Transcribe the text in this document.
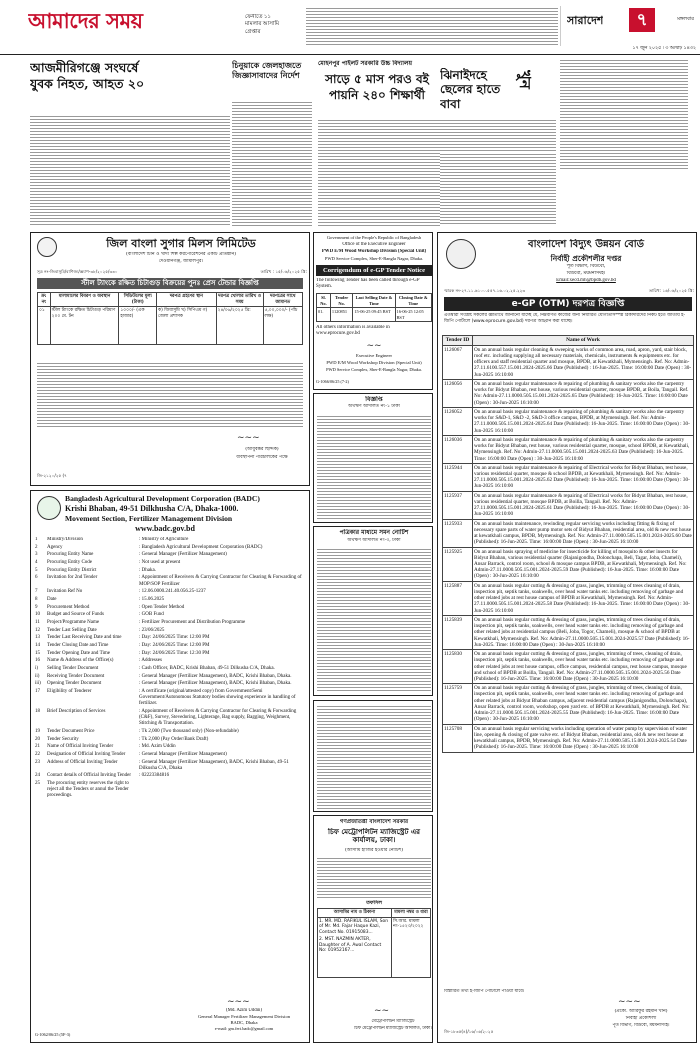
আমাদের সময়	ফেনীতে ১১
মামলার আসামি
গ্রেপ্তার
সারাদেশ	৭	মঙ্গলবার
১৭ জুন ২০২৫ ৷ ৩ আষাঢ় ১৪৩২
আজমীরিগঞ্জে সংঘর্ষে যুবক নিহত, আহত ২০
চিনুয়াকে জেলহাজতে জিজ্ঞাসাবাদের নির্দেশ
মোহনপুর পাইলট সরকারি উচ্চ বিদ্যালয়
সাড়ে ৫ মাস পরও বই পায়নি ২৪০ শিক্ষার্থী
ঝিনাইদহে ছেলের হাতে বাবা
খুন
জিল বাংলা সুগার মিলস লিমিটেড
(বাংলাদেশ চিনি ও খাদ্য শিল্প করপোরেশনের একটি প্রতিষ্ঠান)
দেওয়ানগঞ্জ, জামালপুর।
সূত্র নং-জিবাসুমি/বাণিজ্য/স্ক্র্যাপ-৩৮/২০২৫/৩৩০	তারিখ : ১৫/০৬/২০২৫ খ্রি:
স্টীল ট্যাংকে রক্ষিত চিটাগুড় বিক্রয়ের পুনঃ প্রেস টেন্ডার বিজ্ঞপ্তি
ক্র: নং	মালামালের বিবরণ ও অবস্থান	সিডিউলের মূল্য (টাকা)	দরপত্র গ্রহণের স্থান	দরপত্র খোলার তারিখ ও সময়	দরপত্রের সাথে জামানত
০১	স্টীল ট্যাংকে রক্ষিত চিটাগুড় পরিমাণ ২০০ মে. টন	১০০০/- (এক হাজার)	ক) জিবাসুমি খ) সিপিএম গ) জেলা প্রশাসক	২৪/০৬/২০২৫ খ্রি:	৫,০০,০০০/- (পাঁচ লক্ষ)
~~~
(আবুবক্কর ছিদ্দিক)
ব্যবস্থাপনা পরিচালকের পক্ষে
জি-২১২০/২৫ (৭
Government of the People's Republic of Bangladesh
Office of the Executive Engineer
PWD E/M Wood Workshop Division (Special Unit)
PWD Service Complex, Sher-E-Bangla Nagar, Dhaka.
Corrigendum of e-GP Tender Notice
The following Tender has been called through e-GP System.
Sl. No.	Tender No.	Last Selling Date & Time	Closing Date & Time
01.	1120851	15-06-25 09:45 BST	16-06-25 12:05 BST
All others information is available in www.eprocure.gov.bd
~~
Executive Engineer
PWD E/M Wood Workshop Division (Special Unit)
PWD Service Complex, Sher-E-Bangla Nagar, Dhaka.
G-1066/06/25 (7-2)
বিজ্ঞপ্তি
অর্থঋণ আদালত নং-১ ঢাকা
পত্রিকার মাধ্যমে সমন নোটিশ
অর্থঋণ আদালত নং-৩, ঢাকা
গণপ্রজাতন্ত্রী বাংলাদেশ সরকার
চিফ মেট্রোপলিটন ম্যাজিস্ট্রেট এর কার্যালয়, ঢাকা।
(আসামি হাজির হওয়ার নোটিশ)
তফসিল
আসামির নাম ও ঠিকানা	মামলা নম্বর ও ধারা

1. MR. MD. RAFIKUL ISLAM, Son of Mr. Md. Fajar Haque Kazi, Contact No. 01915083...
2. MST. NAZMIN AKTER, Daughter of A. Awal Contact No: 01952167...	সি.আর. মামলা নং-১৫২৩/২০২২
~~
মেট্রোপলিটন ম্যাজিস্ট্রেট
চিফ মেট্রোপলিটন ম্যাজিস্ট্রেট আদালত, ঢাকা।
Bangladesh Agricultural Development Corporation (BADC)
Krishi Bhaban, 49-51 Dilkhusha C/A, Dhaka-1000.
Movement Section, Fertilizer Management Division
www.badc.gov.bd
1	Ministry/Division	: Ministry of Agriculture
2	Agency	: Bangladesh Agricultural Development Corporation (BADC)
3	Procuring Entity Name	: General Manager (Fertilizer Management)
4	Procuring Entity Code	: Not used at present
5	Procuring Entity District	: Dhaka.
6	Invitation for 2nd Tender	: Appointment of Receivers & Carrying Contractor for Clearing & Forwarding of MOP/SOP Fertilizer
7	Invitation Ref No	: 12.06.0000.241.40.056.25-1237
8	Date	: 15.06.2025
9	Procurement Method	: Open Tender Method
10	Budget and Source of Funds	: GOB Fund
11	Project/Programme Name	: Fertilizer Procurement and Distribution Programme
12	Tender Last Selling Date	: 23/06/2025
13	Tender Last Receiving Date and time	: Day: 24/06/2025 Time: 12:00 PM
14	Tender Closing Date and Time	: Day: 24/06/2025 Time: 12:00 PM
15	Tender Opening Date and Time	: Day: 24/06/2025 Time: 12:30 PM
16	Name & Address of the Office(s)	: Addresses
i)	Selling Tender Document	: Cash Officer, BADC, Krishi Bhaban, 49-51 Dilkusha C/A, Dhaka.
ii)	Receiving Tender Document	: General Manager (Fertilizer Management), BADC, Krishi Bhaban, Dhaka.
iii)	Opening Tender Document	: General Manager (Fertilizer Management), BADC, Krishi Bhaban, Dhaka.
17	Eligibility of Tenderer	: A certificate (original/attested copy) from Government/Semi Government/Autonomous Statutory bodies showing experience in handling of fertilizer.
18	Brief Description of Services	: Appointment of Receivers & Carrying Contractor for Clearing & Forwarding (C&F), Survey, Stevedoring, Lighterage, Bag supply, Bagging, Weighment, Stitching & Transportation.
19	Tender Document Price	: Tk 2,000 (Two thousand only) (Non-refundable)
20	Tender Security	: Tk 2,000 (Pay Order/Bank Draft)
21	Name of Official Inviting Tender	: Md. Azim Uddin
22	Designation of Official Inviting Tender	: General Manager (Fertilizer Management)
23	Address of Official Inviting Tender	: General Manager (Fertilizer Management), BADC, Krishi Bhaban, 49-51 Dilkusha C/A, Dhaka
24	Contact details of Official Inviting Tender	: 02223384816
25	The procuring entity reserves the right to reject all the Tenders or annul the Tender proceedings.
~~~
(Md. Azim Uddin)
General Manager Fertilizer Management Division
BADC, Dhaka
e-mail: gm.fert.badc@gmail.com
G-1062/06/25 (5F-3)
বাংলাদেশ বিদ্যুৎ উন্নয়ন বোর্ড
নির্বাহী প্রকৌশলীর দপ্তর
পূর্ত বিভাগ, বিউবো,
বিউবো, ময়মনসিংহ।
Email:xecd.mh@bpdb.gov.bd
স্মারক নং-২৭.১১.৬১০০.৫৫৭.১৬.০২.২৫.২২৩	তারিখ: ১৬/০৬/২০২৫ খ্রি:
e-GP (OTM) দরপত্র বিজ্ঞপ্তি
এতদ্বারা সংশ্লিষ্ট সকলের জ্ঞাতার্থে জানানো যাচ্ছে যে, নিম্নবর্ণিত কাজের জন্য নির্ধারিত যোগ্যতাসম্পন্ন ঠিকাদারদের নিকট হতে জাতীয় ই-জিপি পোর্টালে (www.eprocure.gov.bd) দরপত্র আহ্বান করা যাচ্ছে।
Tender ID	Name of Work
1126067	On an annual basis regular cleaning & sweeping works of common area, road, apron, yard, stair block, roof etc. including supplying all necessary materials, chemicals, instruments & equipments etc. for officers and staff residential quarter and mosque, BPDB, at Kewatkhali, Mymensingh. Ref. No: Admin-27.11.6100.557.15.001.2024-2025.66 Date (Published) : 16-Jun-2025. Time: 16:00:00 Date (Open) : 30-Jun-2025 16:10:00
1126056	On an annual basis regular maintenance & repairing of plumbing & sanitary works also the carpentry works for Bidyut Bhaban, rest house, various residential quarter, mosque BPDB, at Boila, Tangail. Ref. No: Admin-27.11.0000.505.15.001.2024-2025.65 Date (Published): 16-Jun-2025. Time: 16:00:00 Date (Open) : 30-Jun-2025 16:10:00
1126052	On an annual basis regular maintenance & repairing of plumbing & sanitary works also the carpentry works for S&D-1, S&D -2, S&D-3 office campus, BPDB, at Mymensingh. Ref. No: Admin-27.11.0000.505.15.001.2024-2025.64 Date (Published): 16-Jun-2025. Time: 16:00:00 Date (Open) : 30-Jun-2025 16:10:00
1126036	On an annual basis regular maintenance & repairing of plumbing & sanitary works also the carpentry works for Bidyut Bhaban, rest house, various residential quarter, mosque, school BPDB, at Kewatkhali, Mymensingh. Ref. No: Admin-27.11.0000.505.15.001.2024-2025.63 Date (Published): 16-Jun-2025. Time: 16:00:00 Date (Open) : 30-Jun-2025 16:10:00
1125944	On an annual basis regular maintenance & repairing of Electrical works for Bidyut Bhaban, rest house, various residential quarter, mosque & school BPDB, at Kewatkhali, Mymensingh. Ref. No: Admin-27.11.0000.505.15.001.2024-2025.62 Date (Published): 16-Jun-2025. Time: 16:00:00 Date (Open) : 30-Jun-2025 16:10:00
1125937	On an annual basis regular maintenance & repairing of Electrical works for Bidyut Bhaban, rest house, various residential quarter, mosque BPDB, at Boilla, Tangail. Ref. No: Admin-27.11.0000.505.15.001.2024-2025.61 Date (Published): 16-Jun-2025. Time: 16:00:00 Date (Open) : 30-Jun-2025 16:10:00
1125933	On an annual basis maintenance, rewinding regular servicing works including fitting & fixing of necessary spare parts of water pump motor sets of Bidyut Bhaban, residential area, old & new rest house at kewatkhali campus, BPDB, Mymensingh. Ref. No: Admin-27.11.0000.505.15.001.2024-2025.60 Date (Published): 16-Jun-2025. Time: 16:00:00 Date (Open) : 30-Jun-2025 16:10:00
1125925	On an annual basis spraying of medicine for insecticide for killing of mosquito & other insects for Bidyut Bhaban, various residential quarter (Rajanigondha, Dolonchapa, Beli, Tagar, Joba, Chameli), Ansar Barrack, control room, school & mosque campus BPDB, at Kewatkhali, Mymensingh. Ref. No: Admin-27.11.0000.505.15.001.2024-2025.59 Date (Published): 16-Jun-2025. Time: 16:00:00 Date (Open) : 30-Jun-2025 16:10:00
1125887	On an annual basis regular cutting & dressing of grass, jungles, trimming of trees cleaning of drain, inspection pit, septik tanks, soakwells, over head water tanks etc. including removing of garbage and other related jobs at rest house campus of BPDB at Kewatkhali, Mymensingh. Ref. No: Admin-27.11.0000.505.15.001.2024-2025.58 Date (Published): 16-Jun-2025. Time: 16:00:00 Date (Open) : 30-Jun-2025 16:10:00
1125839	On an annual basis regular cutting & dressing of grass, jungles, trimming of trees cleaning of drain, inspection pit, septik tanks, soakwells, over head water tanks etc. including removing of garbage and other related jobs at residential campus (Beli, Joba, Togor, Chameli), mosque & school of BPDB at Kewatkhali, Mymensingh. Ref. No: Admin-27.11.0000.505.15.001.2024-2025.57 Date (Published): 16-Jun-2025. Time: 16:00:00 Date (Open) : 30-Jun-2025 16:10:00
1125830	On an annual basis regular cutting & dressing of grass, jungles, trimming of trees, cleaning of drain, inspection pit, septik tanks, soakwells, over head water tanks etc. including removing of garbage and other related jobs at rest house campus, office campus, residential campus, rest house campus, mosque and school of BPDB at Boilla, Tangail. Ref. No: Admin-27.11.0000.505.15.001.2024-2025.56 Date (Published): 16-Jun-2025. Time: 16:00:00 Date (Open) : 30-Jun-2025 16:10:00
1125759	On an annual basis regular cutting & dressing of grass, jungles, trimming of trees, cleaning of drain, inspection pit, septik tanks, soakwells, over head water tanks etc. including removing of garbage and other related jobs at Bidyut Bhaban campus, adjacent residential campus (Rajanigondha, Dolonchapa), Ansar Barrack, control room, workshop, open yard etc. of BPDB at Kewatkhali, Mymensingh. Ref. No: Admin-27.11.0000.505.15.001.2024-2025.55 Date (Published): 16-Jun-2025. Time: 16:00:00 Date (Open) : 30-Jun-2025 16:10:00
1125708	On an annual basis regular servicing works including operation of water pump by supervision of water line, opening & closing of gate valve etc. of Bidyut Bhaban, residential area, old & new rest house at kewatkhali campus, BPDB, Mymensingh. Ref. No: Admin-27.11.0000.505.15.001.2024-2025.54 Date (Published): 16-Jun-2025. Time: 16:00:00 Date (Open) : 30-Jun-2025 16:10:00
বিস্তারিত তথ্য ই-জিপি পোর্টালে পাওয়া যাবে।
~~~
(প্রকৌ. আরিফুর রহমান খান)
নির্বাহী প্রকৌশলী
পূর্ত বিভাগ, বিউবো, ময়মনসিংহ।
জি-১৮৩৫(৪)/১৬/০৬/২০২৫
